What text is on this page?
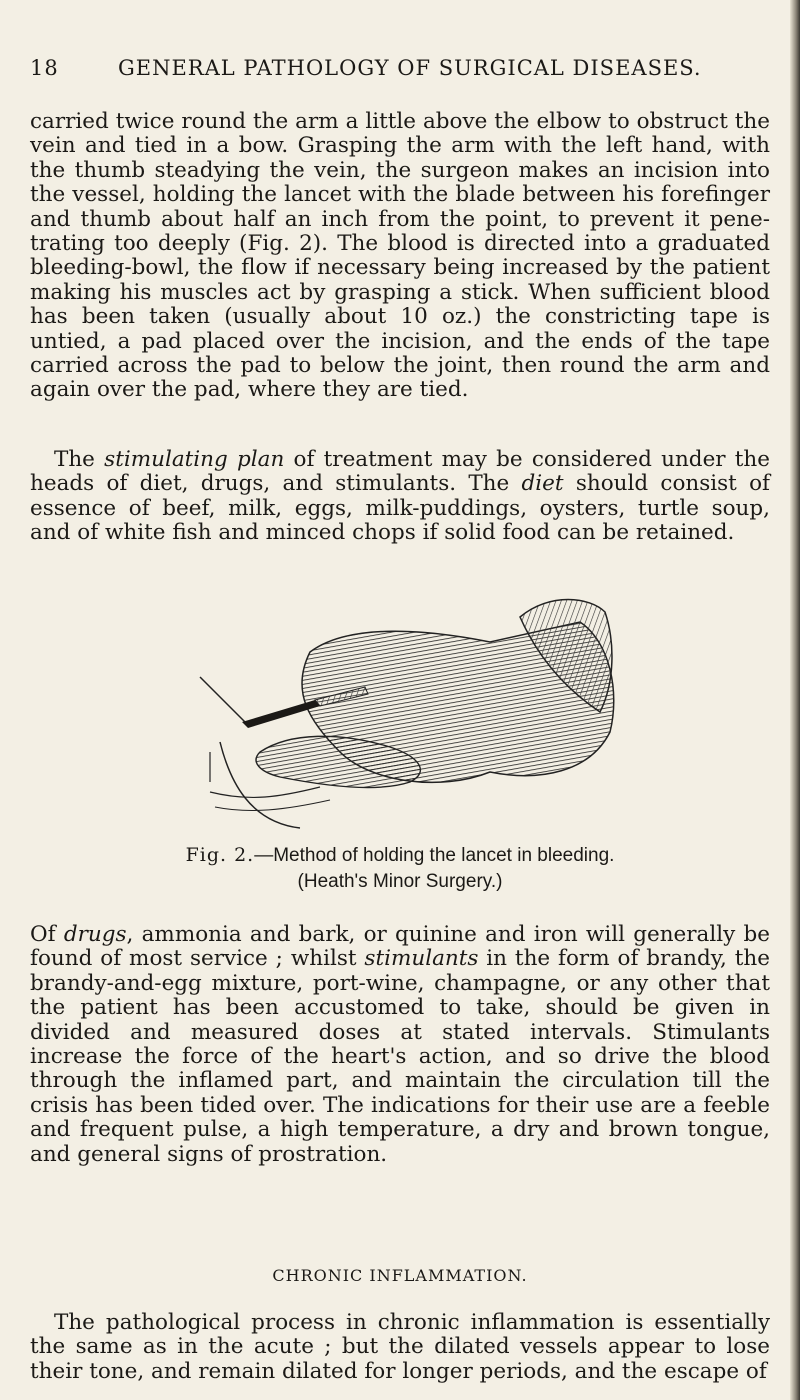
18	GENERAL PATHOLOGY OF SURGICAL DISEASES.

carried twice round the arm a little above the elbow to obstruct the vein and tied in a bow. Grasping the arm with the left hand, with the thumb steadying the vein, the surgeon makes an incision into the vessel, holding the lancet with the blade between his forefinger and thumb about half an inch from the point, to prevent it pene- trating too deeply (Fig. 2). The blood is directed into a graduated bleeding-bowl, the flow if necessary being increased by the patient making his muscles act by grasping a stick. When sufficient blood has been taken (usually about 10 oz.) the constricting tape is untied, a pad placed over the incision, and the ends of the tape carried across the pad to below the joint, then round the arm and again over the pad, where they are tied.

The stimulating plan of treatment may be considered under the heads of diet, drugs, and stimulants. The diet should consist of essence of beef, milk, eggs, milk-puddings, oysters, turtle soup, and of white fish and minced chops if solid food can be retained.

Fig. 2.—Method of holding the lancet in bleeding.
(Heath's Minor Surgery.)

Of drugs, ammonia and bark, or quinine and iron will generally be found of most service ; whilst stimulants in the form of brandy, the brandy-and-egg mixture, port-wine, champagne, or any other that the patient has been accustomed to take, should be given in divided and measured doses at stated intervals. Stimulants increase the force of the heart's action, and so drive the blood through the inflamed part, and maintain the circulation till the crisis has been tided over. The indications for their use are a feeble and frequent pulse, a high temperature, a dry and brown tongue, and general signs of prostration.

CHRONIC INFLAMMATION.

The pathological process in chronic inflammation is essentially the same as in the acute ; but the dilated vessels appear to lose their tone, and remain dilated for longer periods, and the escape of
